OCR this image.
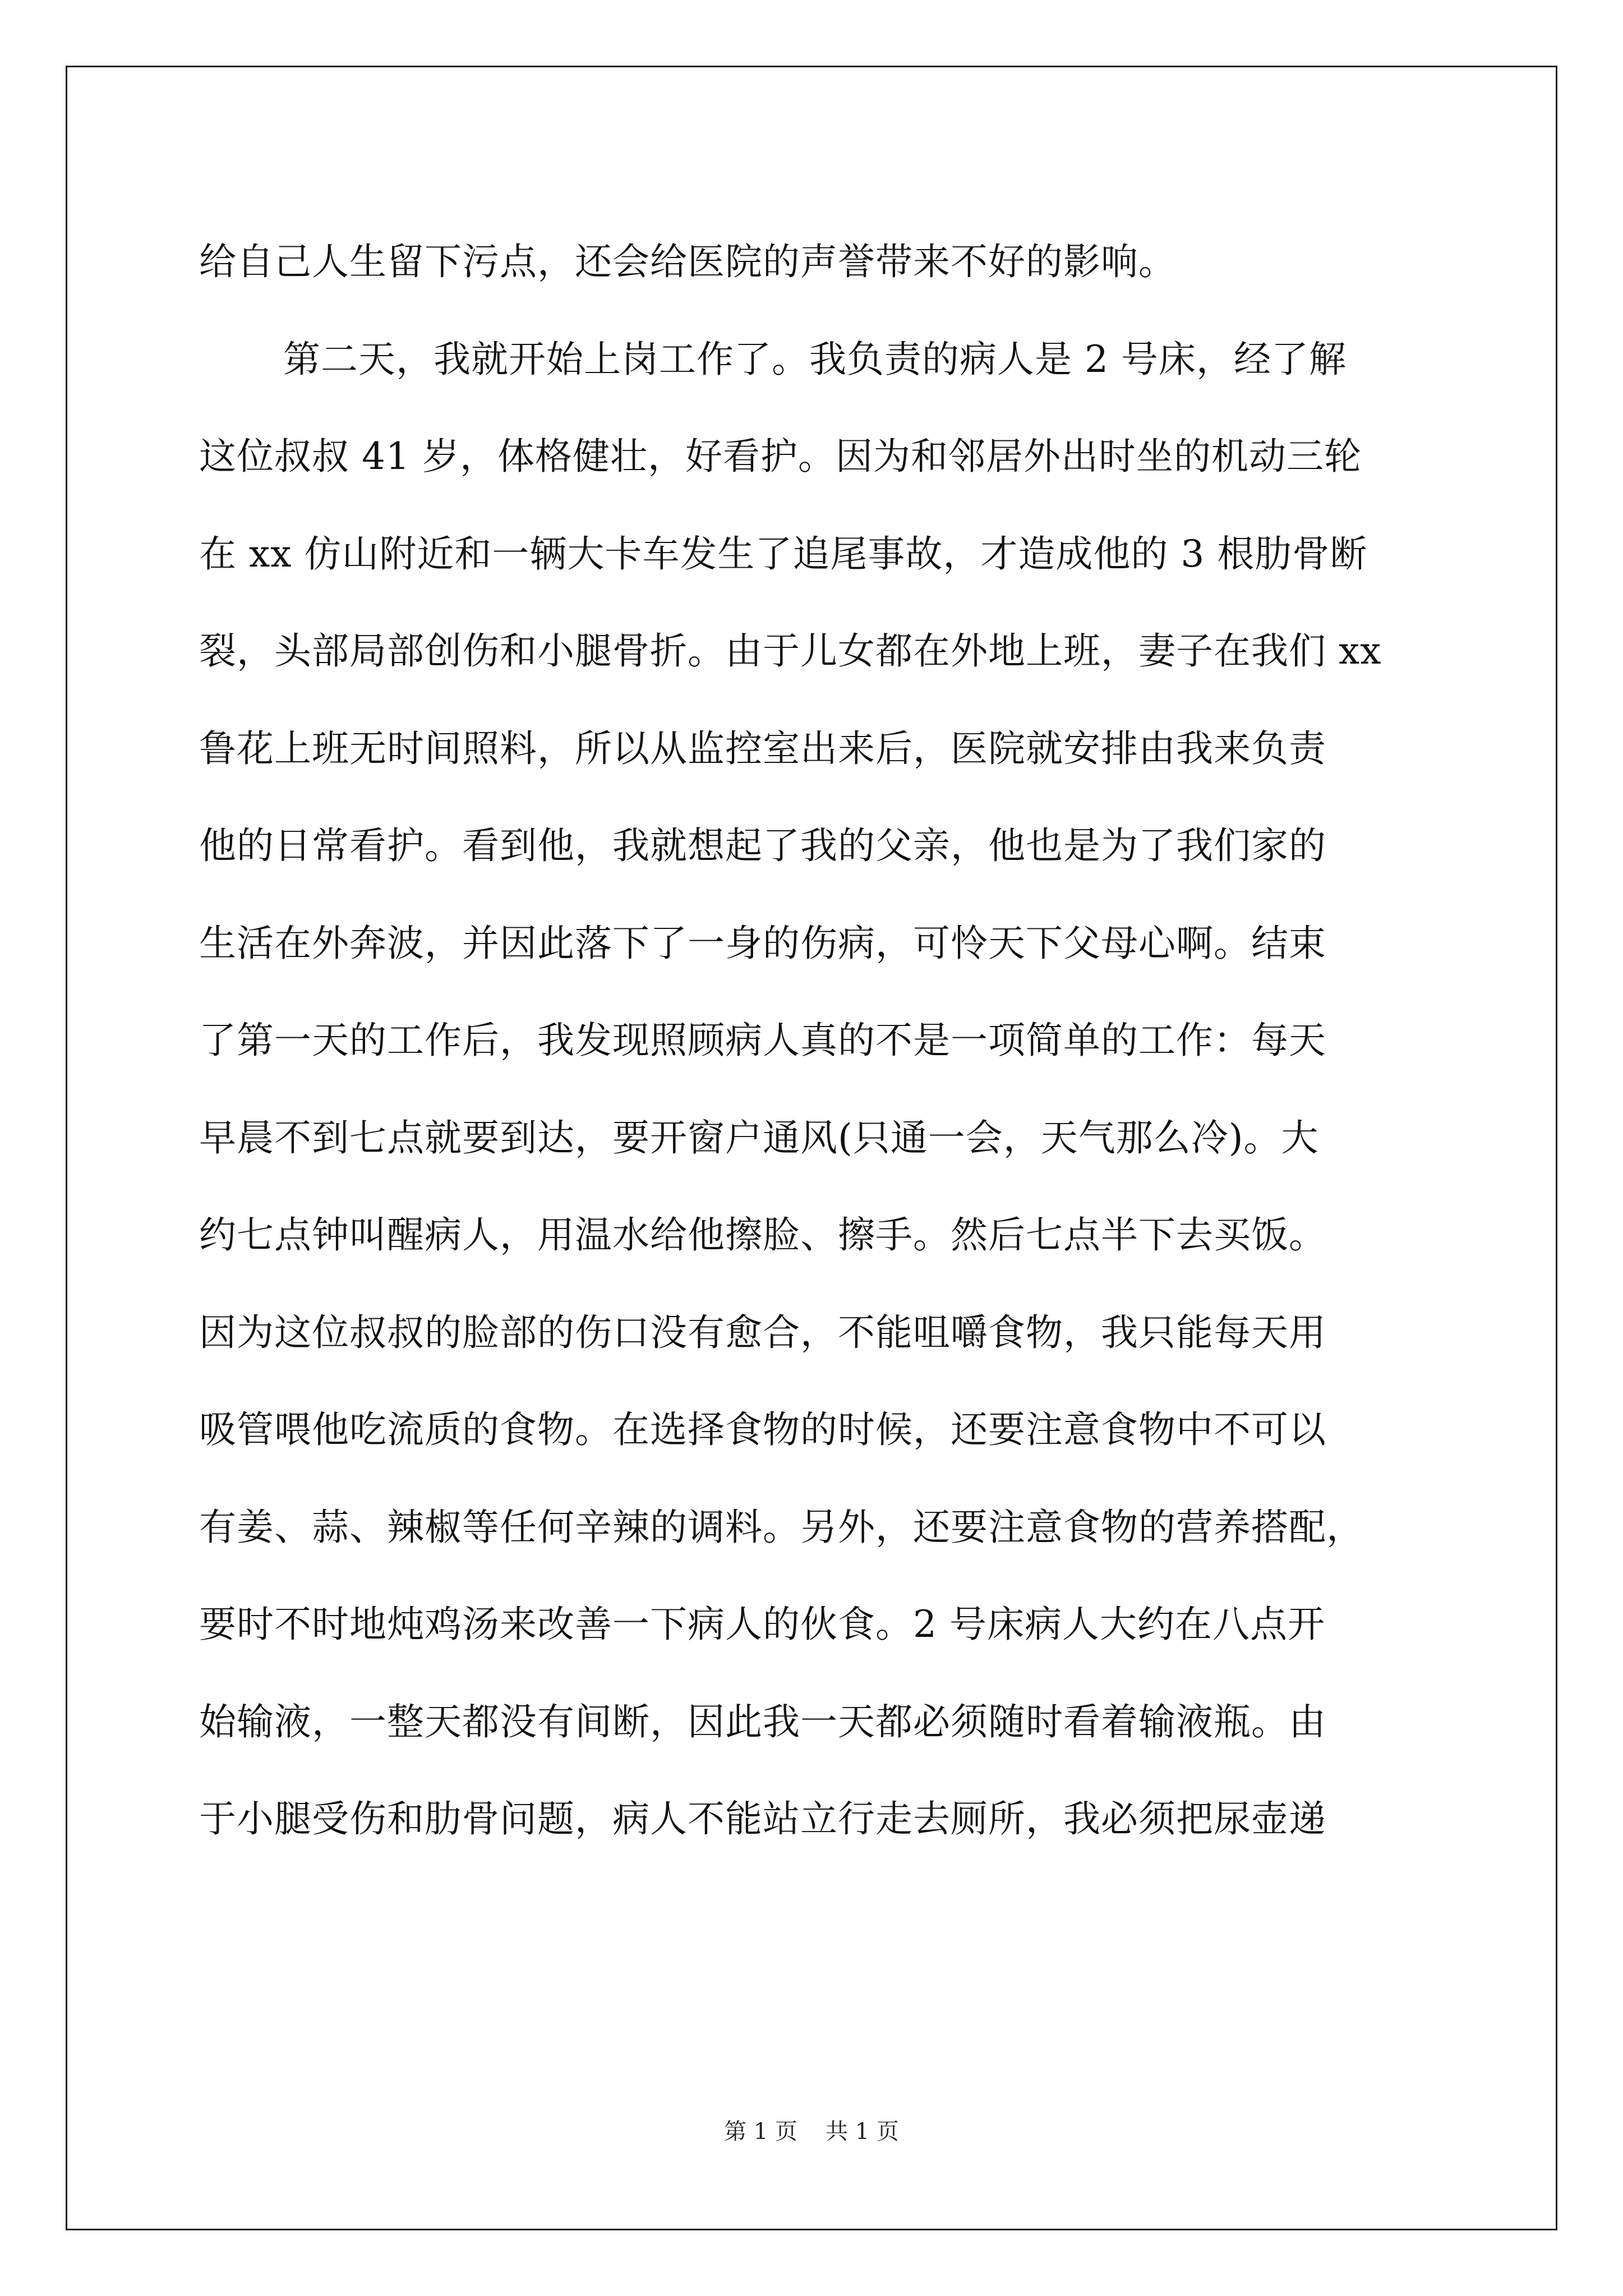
给自己人生留下污点，还会给医院的声誉带来不好的影响。
第二天，我就开始上岗工作了。我负责的病人是 2 号床，经了解
这位叔叔 41 岁，体格健壮，好看护。因为和邻居外出时坐的机动三轮
在 xx 仿山附近和一辆大卡车发生了追尾事故，才造成他的 3 根肋骨断
裂，头部局部创伤和小腿骨折。由于儿女都在外地上班，妻子在我们 xx
鲁花上班无时间照料，所以从监控室出来后，医院就安排由我来负责
他的日常看护。看到他，我就想起了我的父亲，他也是为了我们家的
生活在外奔波，并因此落下了一身的伤病，可怜天下父母心啊。结束
了第一天的工作后，我发现照顾病人真的不是一项简单的工作：每天
早晨不到七点就要到达，要开窗户通风(只通一会，天气那么冷)。大
约七点钟叫醒病人，用温水给他擦脸、擦手。然后七点半下去买饭。
因为这位叔叔的脸部的伤口没有愈合，不能咀嚼食物，我只能每天用
吸管喂他吃流质的食物。在选择食物的时候，还要注意食物中不可以
有姜、蒜、辣椒等任何辛辣的调料。另外，还要注意食物的营养搭配，
要时不时地炖鸡汤来改善一下病人的伙食。2 号床病人大约在八点开
始输液，一整天都没有间断，因此我一天都必须随时看着输液瓶。由
于小腿受伤和肋骨问题，病人不能站立行走去厕所，我必须把尿壶递
第 1 页 共 1 页
